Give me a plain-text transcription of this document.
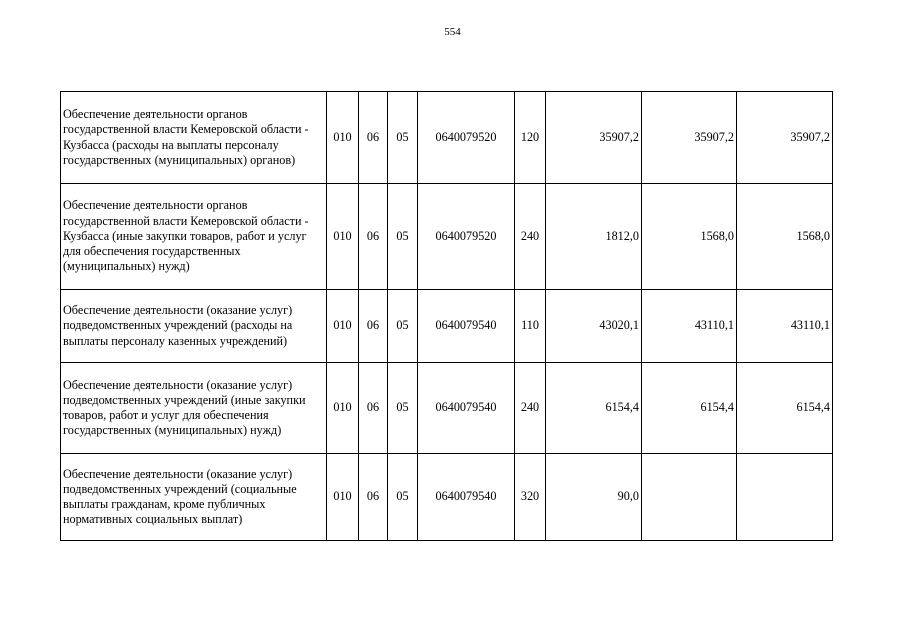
554
Обеспечение деятельности органов государственной власти Кемеровской области - Кузбасса (расходы на выплаты персоналу государственных (муниципальных) органов)	010	06	05	0640079520	120	35907,2	35907,2	35907,2
Обеспечение деятельности органов государственной власти Кемеровской области - Кузбасса (иные закупки товаров, работ и услуг для обеспечения государственных (муниципальных) нужд)	010	06	05	0640079520	240	1812,0	1568,0	1568,0
Обеспечение деятельности (оказание услуг) подведомственных учреждений (расходы на выплаты персоналу казенных учреждений)	010	06	05	0640079540	110	43020,1	43110,1	43110,1
Обеспечение деятельности (оказание услуг) подведомственных учреждений (иные закупки товаров, работ и услуг для обеспечения государственных (муниципальных) нужд)	010	06	05	0640079540	240	6154,4	6154,4	6154,4
Обеспечение деятельности (оказание услуг) подведомственных учреждений (социальные выплаты гражданам, кроме публичных нормативных социальных выплат)	010	06	05	0640079540	320	90,0		
